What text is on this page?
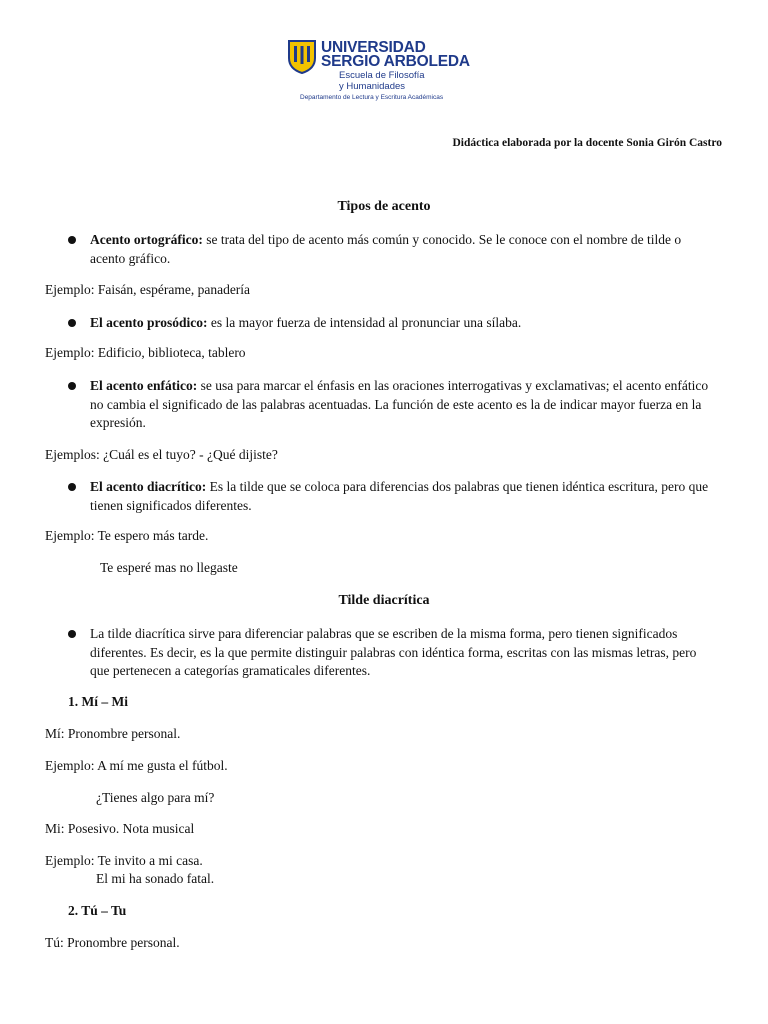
UNIVERSIDAD
SERGIO ARBOLEDA
Escuela de Filosofía
y Humanidades
Departamento de Lectura y Escritura Académicas
Didáctica elaborada por la docente Sonia Girón Castro
Tipos de acento
Acento ortográfico: se trata del tipo de acento más común y conocido. Se le conoce con el nombre de tilde o
acento gráfico.
Ejemplo: Faisán, espérame, panadería
El acento prosódico: es la mayor fuerza de intensidad al pronunciar una sílaba.
Ejemplo: Edificio, biblioteca, tablero
El acento enfático: se usa para marcar el énfasis en las oraciones interrogativas y exclamativas; el acento enfático
no cambia el significado de las palabras acentuadas. La función de este acento es la de indicar mayor fuerza en la
expresión.
Ejemplos: ¿Cuál es el tuyo? - ¿Qué dijiste?
El acento diacrítico: Es la tilde que se coloca para diferencias dos palabras que tienen idéntica escritura, pero que
tienen significados diferentes.
Ejemplo: Te espero más tarde.
Te esperé mas no llegaste
Tilde diacrítica
La tilde diacrítica sirve para diferenciar palabras que se escriben de la misma forma, pero tienen significados
diferentes. Es decir, es la que permite distinguir palabras con idéntica forma, escritas con las mismas letras, pero
que pertenecen a categorías gramaticales diferentes.
1. Mí – Mi
Mí: Pronombre personal.
Ejemplo: A mí me gusta el fútbol.
¿Tienes algo para mí?
Mi: Posesivo. Nota musical
Ejemplo: Te invito a mi casa.
El mi ha sonado fatal.
2. Tú – Tu
Tú: Pronombre personal.
